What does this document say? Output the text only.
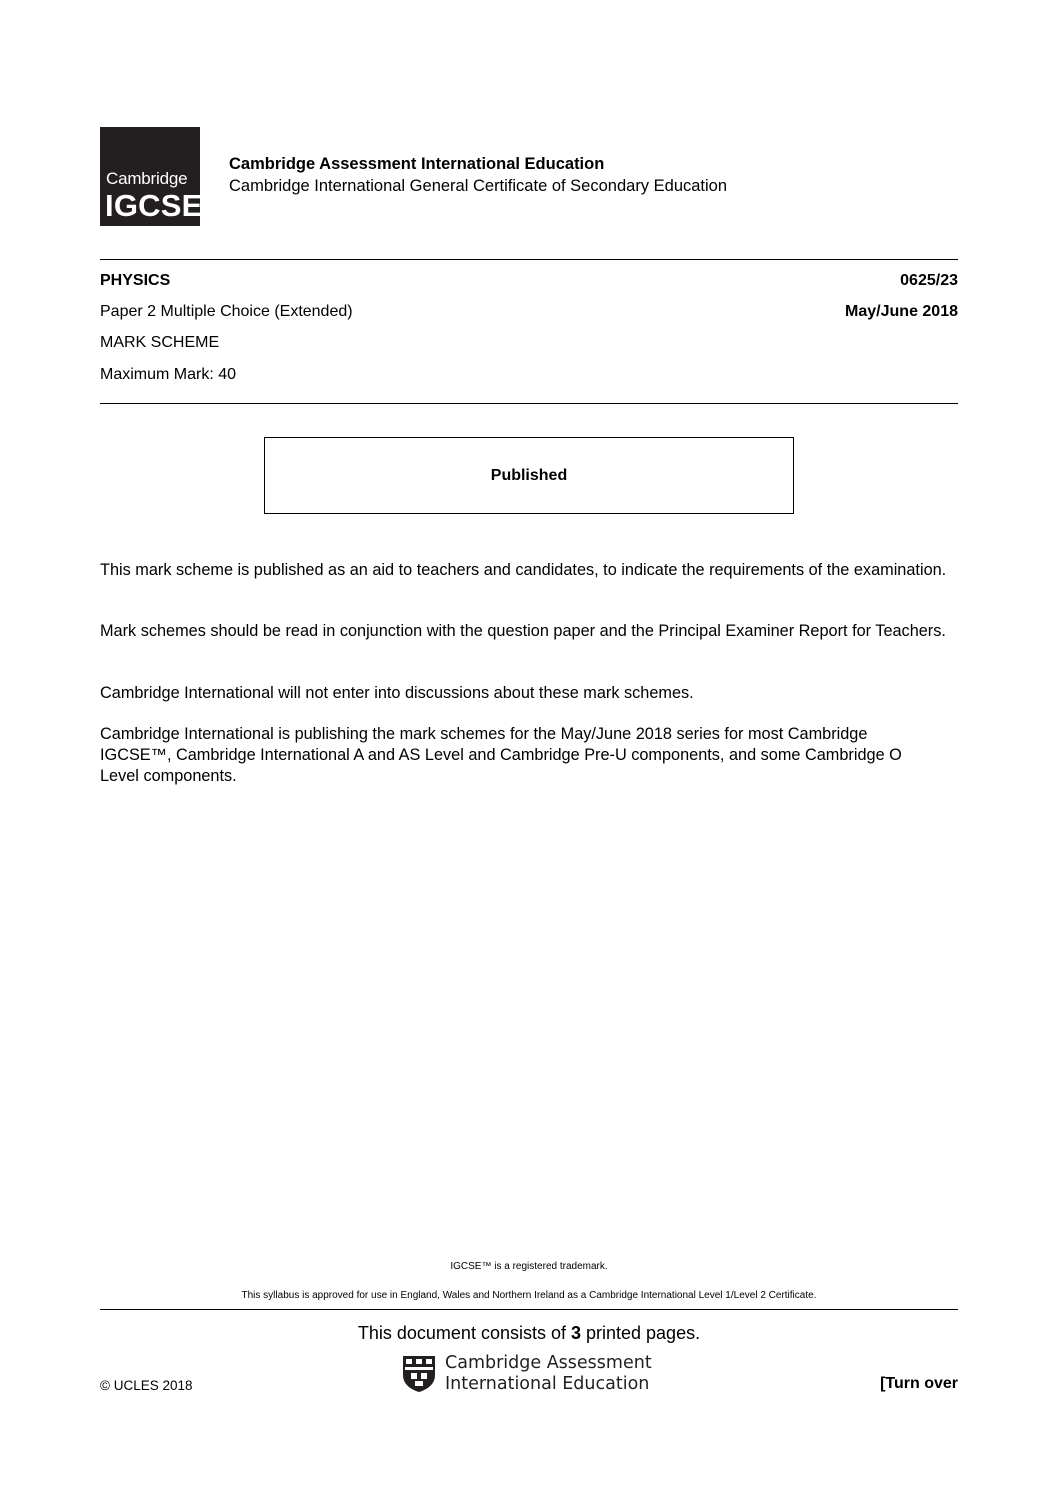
Cambridge
IGCSE
Cambridge Assessment International Education
Cambridge International General Certificate of Secondary Education
PHYSICS	0625/23
Paper 2 Multiple Choice (Extended)	May/June 2018
MARK SCHEME
Maximum Mark: 40
Published
This mark scheme is published as an aid to teachers and candidates, to indicate the requirements of the examination.
Mark schemes should be read in conjunction with the question paper and the Principal Examiner Report for Teachers.
Cambridge International will not enter into discussions about these mark schemes.
Cambridge International is publishing the mark schemes for the May/June 2018 series for most Cambridge IGCSE™, Cambridge International A and AS Level and Cambridge Pre-U components, and some Cambridge O Level components.
IGCSE™ is a registered trademark.
This syllabus is approved for use in England, Wales and Northern Ireland as a Cambridge International Level 1/Level 2 Certificate.
This document consists of 3 printed pages.
Cambridge Assessment
International Education
© UCLES 2018	[Turn over
